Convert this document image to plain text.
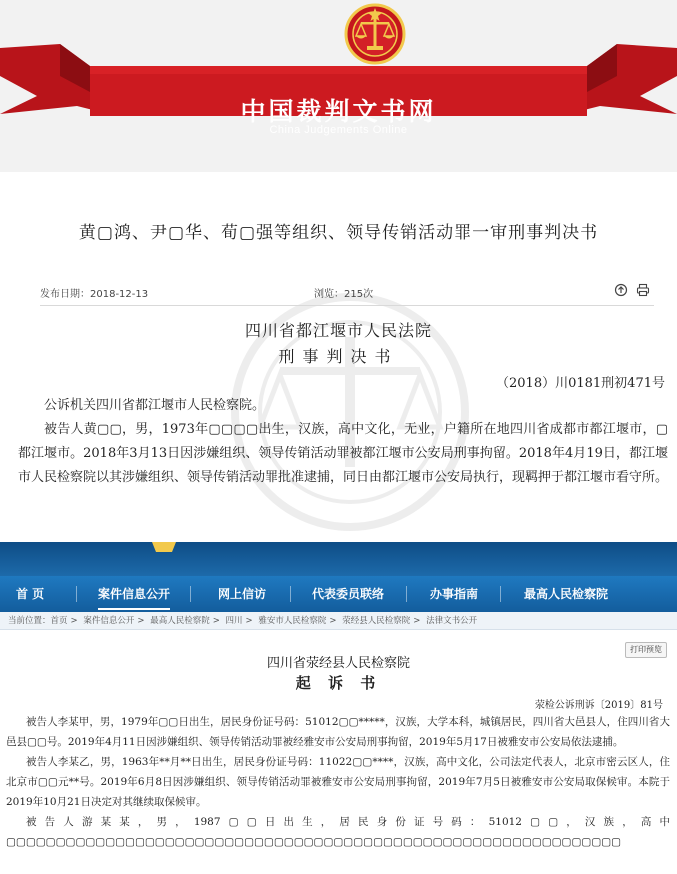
中国裁判文书网
China Judgements Online
黄▢鸿、尹▢华、荀▢强等组织、领导传销活动罪一审刑事判决书
发布日期：2018-12-13	浏览：215次
四川省都江堰市人民法院
刑事判决书
（2018）川0181刑初471号

公诉机关四川省都江堰市人民检察院。

被告人黄▢▢，男，1973年▢▢▢▢出生，汉族，高中文化，无业，户籍所在地四川省成都市都江堰市，▢都江堰市。2018年3月13日因涉嫌组织、领导传销活动罪被都江堰市公安局刑事拘留。2018年4月19日，都江堰市人民检察院以其涉嫌组织、领导传销活动罪批准逮捕，同日由都江堰市公安局执行，现羁押于都江堰市看守所。

首 页	案件信息公开	网上信访	代表委员联络	办事指南	最高人民检察院
当前位置：首页 > 案件信息公开 > 最高人民检察院 > 四川 > 雅安市人民检察院 > 荥经县人民检察院 > 法律文书公开
打印预览
四川省荥经县人民检察院
起 诉 书
荥检公诉刑诉〔2019〕81号

被告人李某甲，男，1979年▢▢日出生，居民身份证号码：51012▢▢*****，汉族，大学本科，城镇居民，四川省大邑县人，住四川省大邑县▢▢号。2019年4月11日因涉嫌组织、领导传销活动罪被经雅安市公安局刑事拘留，2019年5月17日被雅安市公安局依法逮捕。

被告人李某乙，男，1963年**月**日出生，居民身份证号码：11022▢▢****，汉族，高中文化，公司法定代表人，北京市密云区人，住北京市▢▢元**号。2019年6月8日因涉嫌组织、领导传销活动罪被雅安市公安局刑事拘留，2019年7月5日被雅安市公安局取保候审。本院于2019年10月21日决定对其继续取保候审。

被告人游某某，男，1987▢▢日出生，居民身份证号码：51012▢▢，汉族，高中▢▢▢▢▢▢▢▢▢▢▢▢▢▢▢▢▢▢▢▢▢▢▢▢▢▢▢▢▢▢▢▢▢▢▢▢▢▢▢▢▢▢▢▢▢▢▢▢▢▢▢▢▢▢▢▢▢▢▢▢▢▢
